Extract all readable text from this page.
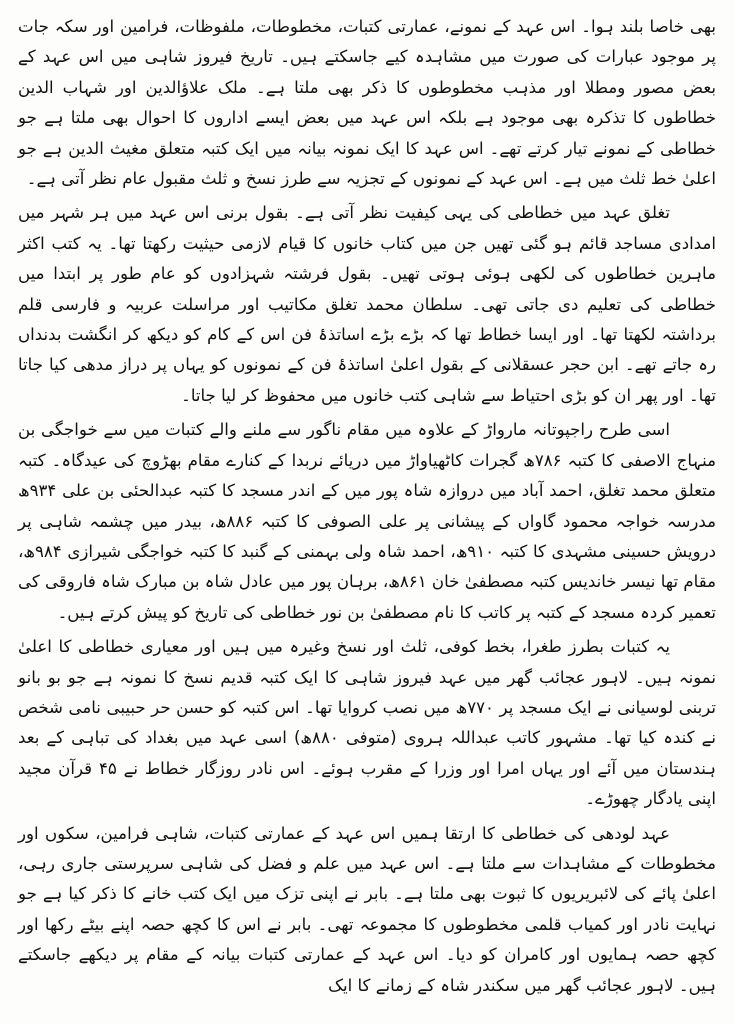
بھی خاصا بلند ہوا۔ اس عہد کے نمونے، عمارتی کتبات، مخطوطات، ملفوظات، فرامین اور سکہ جات پر موجود عبارات کی صورت میں مشاہدہ کیے جاسکتے ہیں۔ تاریخ فیروز شاہی میں اس عہد کے بعض مصور ومطلا اور مذہب مخطوطوں کا ذکر بھی ملتا ہے۔ ملک علاؤالدین اور شہاب الدین خطاطوں کا تذکرہ بھی موجود ہے بلکہ اس عہد میں بعض ایسے اداروں کا احوال بھی ملتا ہے جو خطاطی کے نمونے تیار کرتے تھے۔ اس عہد کا ایک نمونہ بیانہ میں ایک کتبہ متعلق مغیث الدین ہے جو اعلیٰ خط ثلث میں ہے۔ اس عہد کے نمونوں کے تجزیہ سے طرز نسخ و ثلث مقبول عام نظر آتی ہے۔

تغلق عہد میں خطاطی کی یہی کیفیت نظر آتی ہے۔ بقول برنی اس عہد میں ہر شہر میں امدادی مساجد قائم ہو گئی تھیں جن میں کتاب خانوں کا قیام لازمی حیثیت رکھتا تھا۔ یہ کتب اکثر ماہرین خطاطوں کی لکھی ہوئی ہوتی تھیں۔ بقول فرشتہ شہزادوں کو عام طور پر ابتدا میں خطاطی کی تعلیم دی جاتی تھی۔ سلطان محمد تغلق مکاتیب اور مراسلت عربیہ و فارسی قلم برداشتہ لکھتا تھا۔ اور ایسا خطاط تھا کہ بڑے بڑے اساتذۂ فن اس کے کام کو دیکھ کر انگشت بدنداں رہ جاتے تھے۔ ابن حجر عسقلانی کے بقول اعلیٰ اساتذۂ فن کے نمونوں کو یہاں پر دراز مدھی کیا جاتا تھا۔ اور پھر ان کو بڑی احتیاط سے شاہی کتب خانوں میں محفوظ کر لیا جاتا۔

اسی طرح راجپوتانہ مارواڑ کے علاوہ میں مقام ناگور سے ملنے والے کتبات میں سے خواجگی بن منہاج الاصفی کا کتبہ ۷۸۶ھ گجرات کاٹھیاواڑ میں دریائے نربدا کے کنارے مقام بھڑوچ کی عیدگاہ۔ کتبہ متعلق محمد تغلق، احمد آباد میں دروازہ شاہ پور میں کے اندر مسجد کا کتبہ عبدالحئی بن علی ۹۳۴ھ مدرسہ خواجہ محمود گاواں کے پیشانی پر علی الصوفی کا کتبہ ۸۸۶ھ، بیدر میں چشمہ شاہی پر درویش حسینی مشہدی کا کتبہ ۹۱۰ھ، احمد شاہ ولی بہمنی کے گنبد کا کتبہ خواجگی شیرازی ۹۸۴ھ، مقام تھا نیسر خاندیس کتبہ مصطفیٰ خان ۸۶۱ھ، برہان پور میں عادل شاہ بن مبارک شاہ فاروقی کی تعمیر کردہ مسجد کے کتبہ پر کاتب کا نام مصطفیٰ بن نور خطاطی کی تاریخ کو پیش کرتے ہیں۔

یہ کتبات بطرز طغرا، بخط کوفی، ثلث اور نسخ وغیرہ میں ہیں اور معیاری خطاطی کا اعلیٰ نمونہ ہیں۔ لاہور عجائب گھر میں عہد فیروز شاہی کا ایک کتبہ قدیم نسخ کا نمونہ ہے جو بو بانو تربنی لوسیانی نے ایک مسجد پر ۷۷۰ھ میں نصب کروایا تھا۔ اس کتبہ کو حسن حر حبیبی نامی شخص نے کندہ کیا تھا۔ مشہور کاتب عبداللہ ہروی (متوفی ۸۸۰ھ) اسی عہد میں بغداد کی تباہی کے بعد ہندستان میں آئے اور یہاں امرا اور وزرا کے مقرب ہوئے۔ اس نادر روزگار خطاط نے ۴۵ قرآن مجید اپنی یادگار چھوڑے۔

عہد لودھی کی خطاطی کا ارتقا ہمیں اس عہد کے عمارتی کتبات، شاہی فرامین، سکوں اور مخطوطات کے مشاہدات سے ملتا ہے۔ اس عہد میں علم و فضل کی شاہی سرپرستی جاری رہی، اعلیٰ پائے کی لائبریریوں کا ثبوت بھی ملتا ہے۔ بابر نے اپنی تزک میں ایک کتب خانے کا ذکر کیا ہے جو نہایت نادر اور کمیاب قلمی مخطوطوں کا مجموعہ تھی۔ بابر نے اس کا کچھ حصہ اپنے بیٹے رکھا اور کچھ حصہ ہمایوں اور کامران کو دیا۔ اس عہد کے عمارتی کتبات بیانہ کے مقام پر دیکھے جاسکتے ہیں۔ لاہور عجائب گھر میں سکندر شاہ کے زمانے کا ایک
